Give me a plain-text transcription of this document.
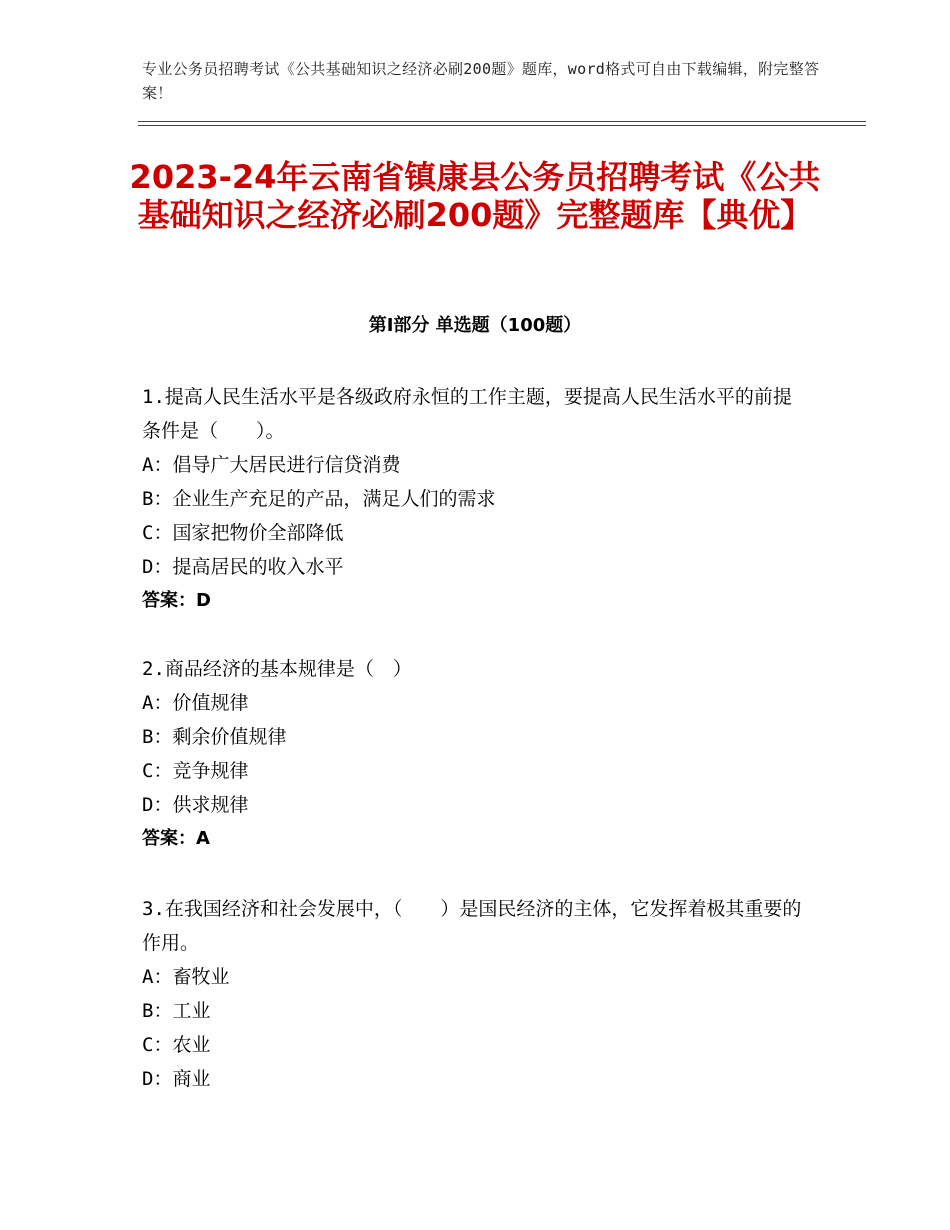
专业公务员招聘考试《公共基础知识之经济必刷200题》题库，word格式可自由下载编辑，附完整答案！
2023-24年云南省镇康县公务员招聘考试《公共基础知识之经济必刷200题》完整题库【典优】
第Ⅰ部分 单选题（100题）

1.提高人民生活水平是各级政府永恒的工作主题，要提高人民生活水平的前提条件是（　　）。

A：倡导广大居民进行信贷消费

B：企业生产充足的产品，满足人们的需求

C：国家把物价全部降低

D：提高居民的收入水平

答案：D

2.商品经济的基本规律是（　）

A：价值规律

B：剩余价值规律

C：竞争规律

D：供求规律

答案：A

3.在我国经济和社会发展中，（　　）是国民经济的主体，它发挥着极其重要的作用。

A：畜牧业

B：工业

C：农业

D：商业
